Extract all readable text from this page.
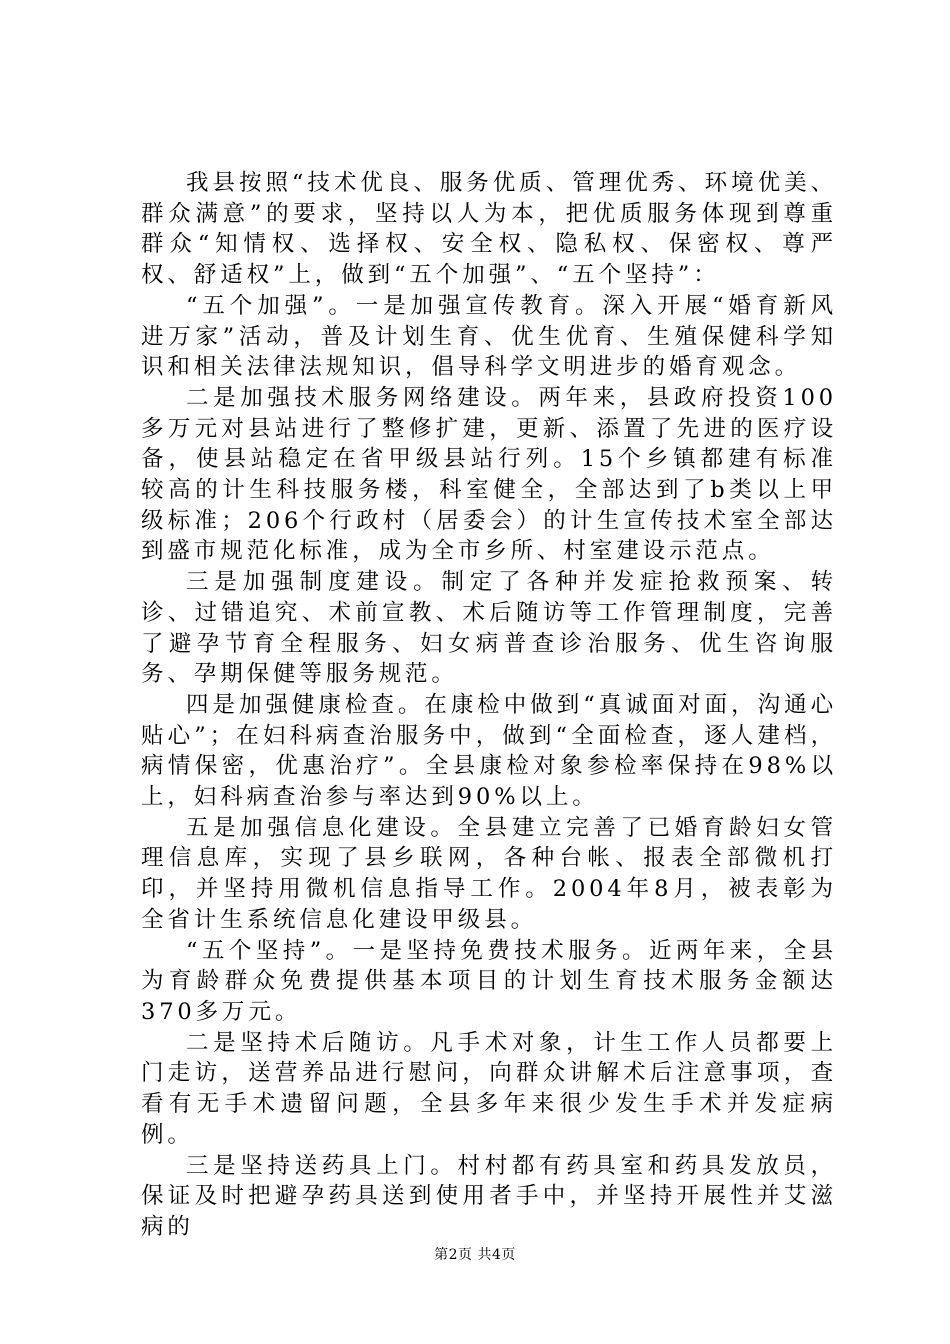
我县按照“技术优良、服务优质、管理优秀、环境优美、群众满意”的要求，坚持以人为本，把优质服务体现到尊重群众“知情权、选择权、安全权、隐私权、保密权、尊严权、舒适权”上，做到“五个加强”、“五个坚持”：

“五个加强”。一是加强宣传教育。深入开展“婚育新风进万家”活动，普及计划生育、优生优育、生殖保健科学知识和相关法律法规知识，倡导科学文明进步的婚育观念。

二是加强技术服务网络建设。两年来，县政府投资100多万元对县站进行了整修扩建，更新、添置了先进的医疗设备，使县站稳定在省甲级县站行列。15个乡镇都建有标准较高的计生科技服务楼，科室健全，全部达到了b类以上甲级标准；206个行政村（居委会）的计生宣传技术室全部达到盛市规范化标准，成为全市乡所、村室建设示范点。

三是加强制度建设。制定了各种并发症抢救预案、转诊、过错追究、术前宣教、术后随访等工作管理制度，完善了避孕节育全程服务、妇女病普查诊治服务、优生咨询服务、孕期保健等服务规范。

四是加强健康检查。在康检中做到“真诚面对面，沟通心贴心”；在妇科病查治服务中，做到“全面检查，逐人建档，病情保密，优惠治疗”。全县康检对象参检率保持在98%以上，妇科病查治参与率达到90%以上。

五是加强信息化建设。全县建立完善了已婚育龄妇女管理信息库，实现了县乡联网，各种台帐、报表全部微机打印，并坚持用微机信息指导工作。2004年8月，被表彰为全省计生系统信息化建设甲级县。

“五个坚持”。一是坚持免费技术服务。近两年来，全县为育龄群众免费提供基本项目的计划生育技术服务金额达370多万元。

二是坚持术后随访。凡手术对象，计生工作人员都要上门走访，送营养品进行慰问，向群众讲解术后注意事项，查看有无手术遗留问题，全县多年来很少发生手术并发症病例。

三是坚持送药具上门。村村都有药具室和药具发放员，保证及时把避孕药具送到使用者手中，并坚持开展性并艾滋病的

第2页 共4页
